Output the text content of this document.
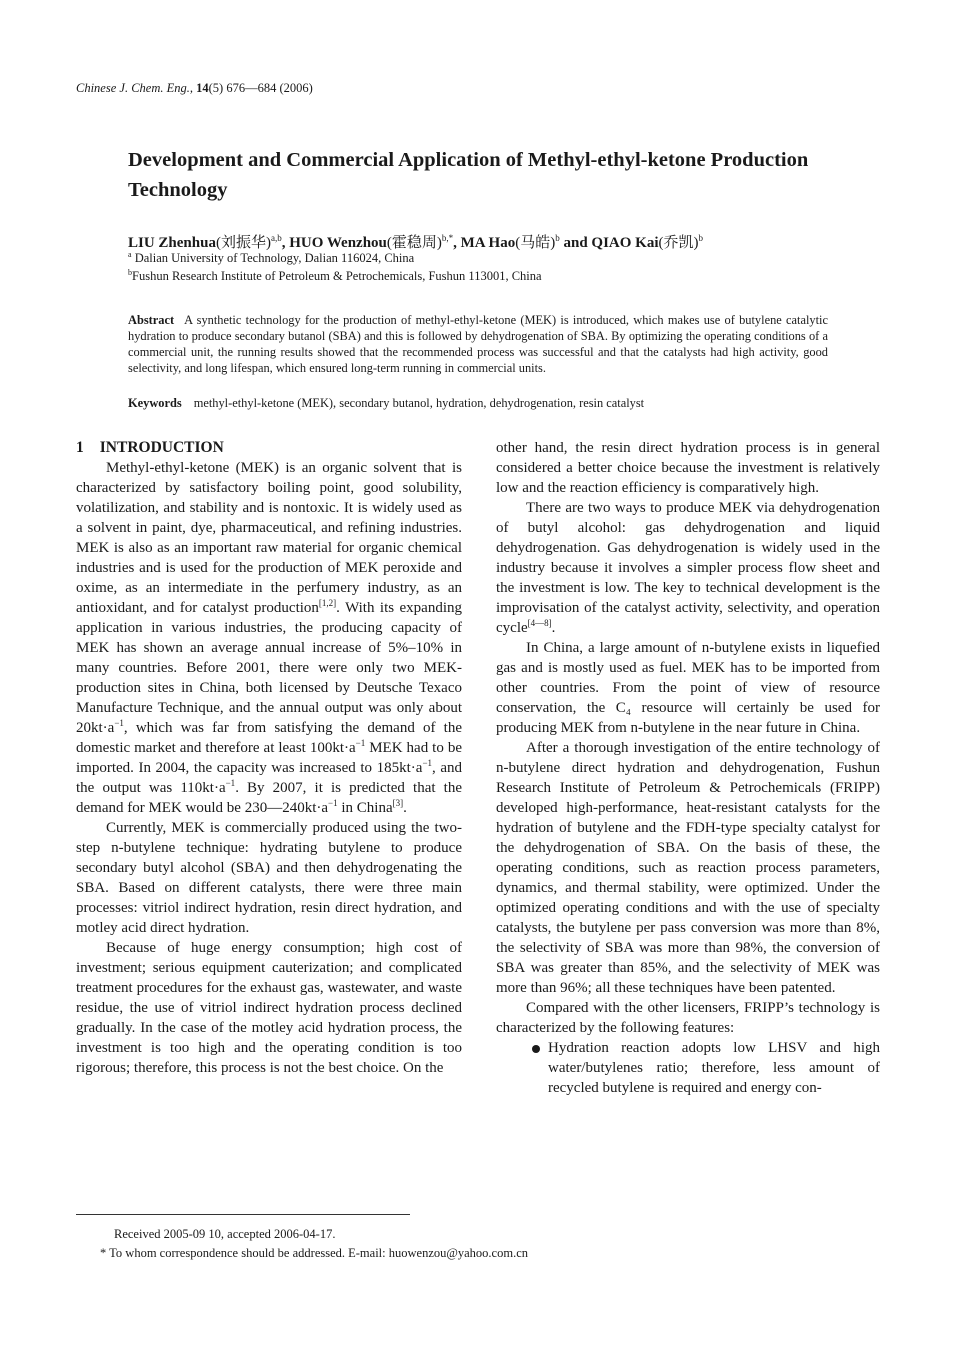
Chinese J. Chem. Eng., 14(5) 676—684 (2006)
Development and Commercial Application of Methyl-ethyl-ketone Production Technology
LIU Zhenhua(刘振华)$^{a,b}$, HUO Wenzhou(霍稳周)$^{b,*}$, MA Hao(马皓)$^b$ and QIAO Kai(乔凯)$^b$
$^a$ Dalian University of Technology, Dalian 116024, China
$^b$Fushun Research Institute of Petroleum & Petrochemicals, Fushun 113001, China
Abstract A synthetic technology for the production of methyl-ethyl-ketone (MEK) is introduced, which makes use of butylene catalytic hydration to produce secondary butanol (SBA) and this is followed by dehydrogenation of SBA. By optimizing the operating conditions of a commercial unit, the running results showed that the recommended process was successful and that the catalysts had high activity, good selectivity, and long lifespan, which ensured long-term running in commercial units.
Keywords methyl-ethyl-ketone (MEK), secondary butanol, hydration, dehydrogenation, resin catalyst

1 INTRODUCTION

Methyl-ethyl-ketone (MEK) is an organic solvent that is characterized by satisfactory boiling point, good solubility, volatilization, and stability and is nontoxic. It is widely used as a solvent in paint, dye, pharmaceutical, and refining industries. MEK is also as an important raw material for organic chemical industries and is used for the production of MEK peroxide and oxime, as an intermediate in the perfumery industry, as an antioxidant, and for catalyst production[1,2]. With its expanding application in various industries, the producing capacity of MEK has shown an average annual increase of 5%–10% in many countries. Before 2001, there were only two MEK-production sites in China, both licensed by Deutsche Texaco Manufacture Technique, and the annual output was only about $20kt\cdot a^{-1}$, which was far from satisfying the demand of the domestic market and therefore at least $100kt\cdot a^{-1}$ MEK had to be imported. In 2004, the capacity was increased to $185kt\cdot a^{-1}$, and the output was $110kt\cdot a^{-1}$. By 2007, it is predicted that the demand for MEK would be $230—240kt\cdot a^{-1}$ in China[3].

Currently, MEK is commercially produced using the two-step n-butylene technique: hydrating butylene to produce secondary butyl alcohol (SBA) and then dehydrogenating the SBA. Based on different catalysts, there were three main processes: vitriol indirect hydration, resin direct hydration, and motley acid direct hydration.

Because of huge energy consumption; high cost of investment; serious equipment cauterization; and complicated treatment procedures for the exhaust gas, wastewater, and waste residue, the use of vitriol indirect hydration process declined gradually. In the case of the motley acid hydration process, the investment is too high and the operating condition is too rigorous; therefore, this process is not the best choice. On the

other hand, the resin direct hydration process is in general considered a better choice because the investment is relatively low and the reaction efficiency is comparatively high.

There are two ways to produce MEK via dehydrogenation of butyl alcohol: gas dehydrogenation and liquid dehydrogenation. Gas dehydrogenation is widely used in the industry because it involves a simpler process flow sheet and the investment is low. The key to technical development is the improvisation of the catalyst activity, selectivity, and operation cycle[4—8].

In China, a large amount of n-butylene exists in liquefied gas and is mostly used as fuel. MEK has to be imported from other countries. From the point of view of resource conservation, the C₄ resource will certainly be used for producing MEK from n-butylene in the near future in China.

After a thorough investigation of the entire technology of n-butylene direct hydration and dehydrogenation, Fushun Research Institute of Petroleum & Petrochemicals (FRIPP) developed high-performance, heat-resistant catalysts for the hydration of butylene and the FDH-type specialty catalyst for the dehydrogenation of SBA. On the basis of these, the operating conditions, such as reaction process parameters, dynamics, and thermal stability, were optimized. Under the optimized operating conditions and with the use of specialty catalysts, the butylene per pass conversion was more than 8%, the selectivity of SBA was more than 98%, the conversion of SBA was greater than 85%, and the selectivity of MEK was more than 96%; all these techniques have been patented.

Compared with the other licensers, FRIPP’s technology is characterized by the following features:

Hydration reaction adopts low LHSV and high water/butylenes ratio; therefore, less amount of recycled butylene is required and energy con-

Received 2005-09 10, accepted 2006-04-17.
* To whom correspondence should be addressed. E-mail: huowenzou@yahoo.com.cn
